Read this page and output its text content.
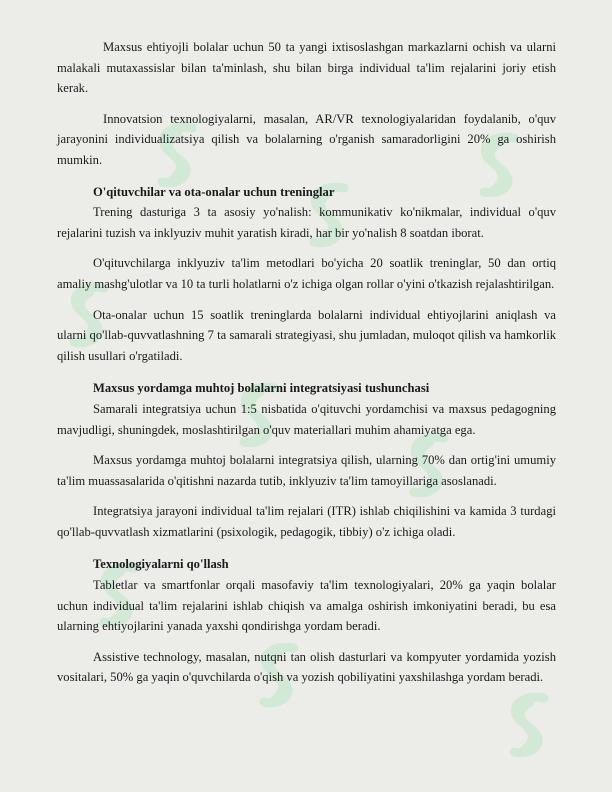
Maxsus ehtiyojli bolalar uchun 50 ta yangi ixtisoslashgan markazlarni ochish va ularni malakali mutaxassislar bilan ta'minlash, shu bilan birga individual ta'lim rejalarini joriy etish kerak.

Innovatsion texnologiyalarni, masalan, AR/VR texnologiyalaridan foydalanib, o'quv jarayonini individualizatsiya qilish va bolalarning o'rganish samaradorligini 20% ga oshirish mumkin.

O'qituvchilar va ota-onalar uchun treninglar

Trening dasturiga 3 ta asosiy yo'nalish: kommunikativ ko'nikmalar, individual o'quv rejalarini tuzish va inklyuziv muhit yaratish kiradi, har bir yo'nalish 8 soatdan iborat.

O'qituvchilarga inklyuziv ta'lim metodlari bo'yicha 20 soatlik treninglar, 50 dan ortiq amaliy mashg'ulotlar va 10 ta turli holatlarni o'z ichiga olgan rollar o'yini o'tkazish rejalashtirilgan.

Ota-onalar uchun 15 soatlik treninglarda bolalarni individual ehtiyojlarini aniqlash va ularni qo'llab-quvvatlashning 7 ta samarali strategiyasi, shu jumladan, muloqot qilish va hamkorlik qilish usullari o'rgatiladi.

Maxsus yordamga muhtoj bolalarni integratsiyasi tushunchasi

Samarali integratsiya uchun 1:5 nisbatida o'qituvchi yordamchisi va maxsus pedagogning mavjudligi, shuningdek, moslashtirilgan o'quv materiallari muhim ahamiyatga ega.

Maxsus yordamga muhtoj bolalarni integratsiya qilish, ularning 70% dan ortig'ini umumiy ta'lim muassasalarida o'qitishni nazarda tutib, inklyuziv ta'lim tamoyillariga asoslanadi.

Integratsiya jarayoni individual ta'lim rejalari (ITR) ishlab chiqilishini va kamida 3 turdagi qo'llab-quvvatlash xizmatlarini (psixologik, pedagogik, tibbiy) o'z ichiga oladi.

Texnologiyalarni qo'llash

Tabletlar va smartfonlar orqali masofaviy ta'lim texnologiyalari, 20% ga yaqin bolalar uchun individual ta'lim rejalarini ishlab chiqish va amalga oshirish imkoniyatini beradi, bu esa ularning ehtiyojlarini yanada yaxshi qondirishga yordam beradi.

Assistive technology, masalan, nutqni tan olish dasturlari va kompyuter yordamida yozish vositalari, 50% ga yaqin o'quvchilarda o'qish va yozish qobiliyatini yaxshilashga yordam beradi.
